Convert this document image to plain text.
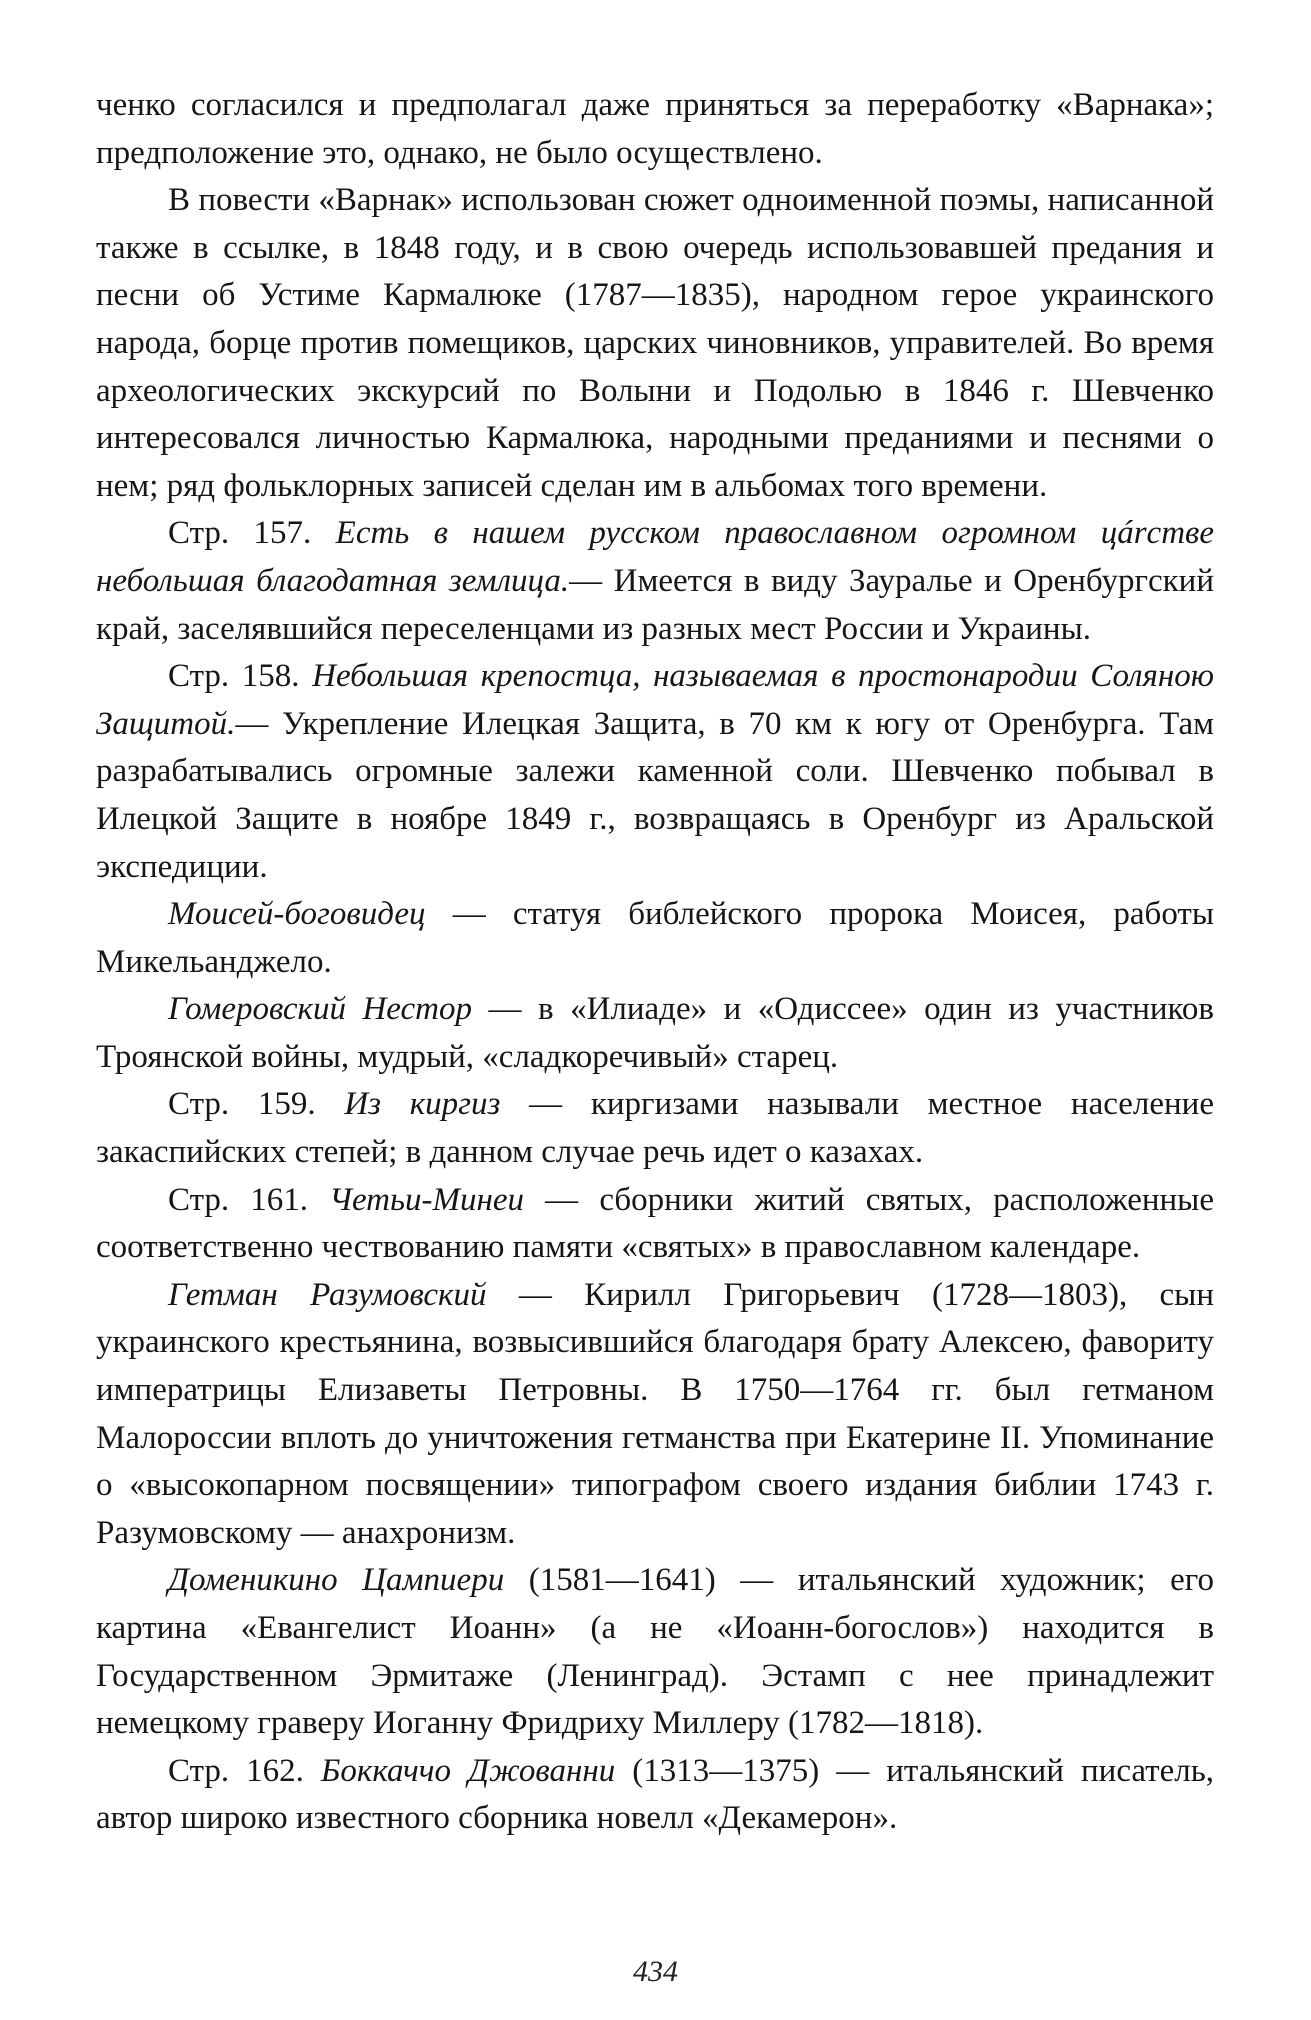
ченко согласился и предполагал даже приняться за переработку «Варнака»; предположение это, однако, не было осуществлено.

В повести «Варнак» использован сюжет одноименной поэмы, написанной также в ссылке, в 1848 году, и в свою очередь использовавшей предания и песни об Устиме Кармалюке (1787—1835), народном герое украинского народа, борце против помещиков, царских чиновников, управителей. Во время археологических экскурсий по Волыни и Подолью в 1846 г. Шевченко интересовался личностью Кармалюка, народными преданиями и песнями о нем; ряд фольклорных записей сделан им в альбомах того времени.

Стр. 157. Есть в нашем русском православном огромном цárстве небольшая благодатная землица.— Имеется в виду Зауралье и Оренбургский край, заселявшийся переселенцами из разных мест России и Украины.

Стр. 158. Небольшая крепостца, называемая в простонародии Соляною Защитой.— Укрепление Илецкая Защита, в 70 км к югу от Оренбурга. Там разрабатывались огромные залежи каменной соли. Шевченко побывал в Илецкой Защите в ноябре 1849 г., возвращаясь в Оренбург из Аральской экспедиции.

Моисей-боговидец — статуя библейского пророка Моисея, работы Микельанджело.

Гомеровский Нестор — в «Илиаде» и «Одиссее» один из участников Троянской войны, мудрый, «сладкоречивый» старец.

Стр. 159. Из киргиз — киргизами называли местное население закаспийских степей; в данном случае речь идет о казахах.

Стр. 161. Четьи-Минеи — сборники житий святых, расположенные соответственно чествованию памяти «святых» в православном календаре.

Гетман Разумовский — Кирилл Григорьевич (1728—1803), сын украинского крестьянина, возвысившийся благодаря брату Алексею, фавориту императрицы Елизаветы Петровны. В 1750—1764 гг. был гетманом Малороссии вплоть до уничтожения гетманства при Екатерине II. Упоминание о «высокопарном посвящении» типографом своего издания библии 1743 г. Разумовскому — анахронизм.

Доменикино Цампиери (1581—1641) — итальянский художник; его картина «Евангелист Иоанн» (а не «Иоанн-богослов») находится в Государственном Эрмитаже (Ленинград). Эстамп с нее принадлежит немецкому граверу Иоганну Фридриху Миллеру (1782—1818).

Стр. 162. Боккаччо Джованни (1313—1375) — итальянский писатель, автор широко известного сборника новелл «Декамерон».

434
